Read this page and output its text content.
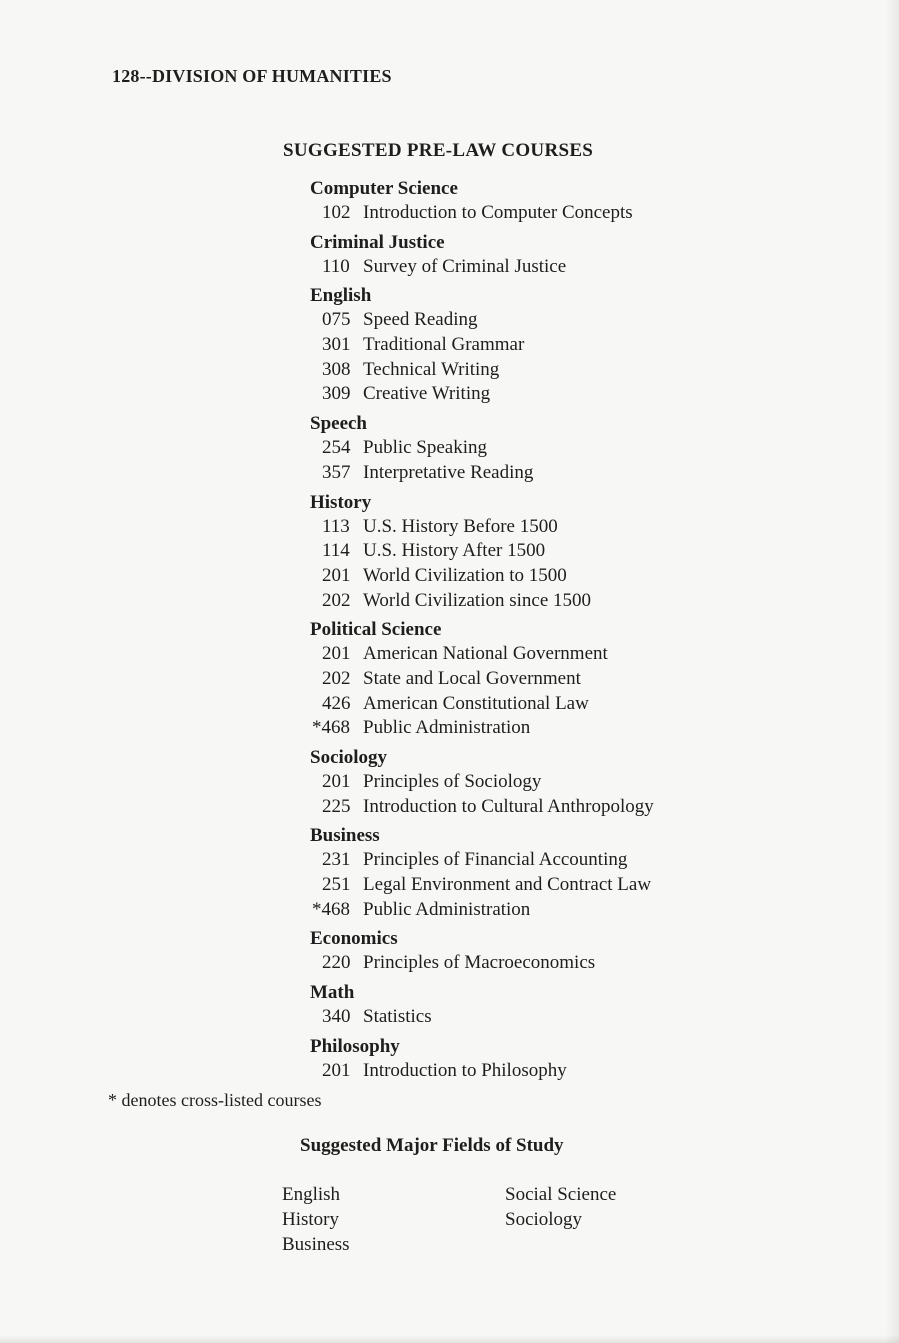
128--DIVISION OF HUMANITIES
SUGGESTED PRE-LAW COURSES
Computer Science
102 Introduction to Computer Concepts
Criminal Justice
110 Survey of Criminal Justice
English
075 Speed Reading
301 Traditional Grammar
308 Technical Writing
309 Creative Writing
Speech
254 Public Speaking
357 Interpretative Reading
History
113 U.S. History Before 1500
114 U.S. History After 1500
201 World Civilization to 1500
202 World Civilization since 1500
Political Science
201 American National Government
202 State and Local Government
426 American Constitutional Law
*468 Public Administration
Sociology
201 Principles of Sociology
225 Introduction to Cultural Anthropology
Business
231 Principles of Financial Accounting
251 Legal Environment and Contract Law
*468 Public Administration
Economics
220 Principles of Macroeconomics
Math
340 Statistics
Philosophy
201 Introduction to Philosophy
* denotes cross-listed courses
Suggested Major Fields of Study
English
History
Business
Social Science
Sociology
